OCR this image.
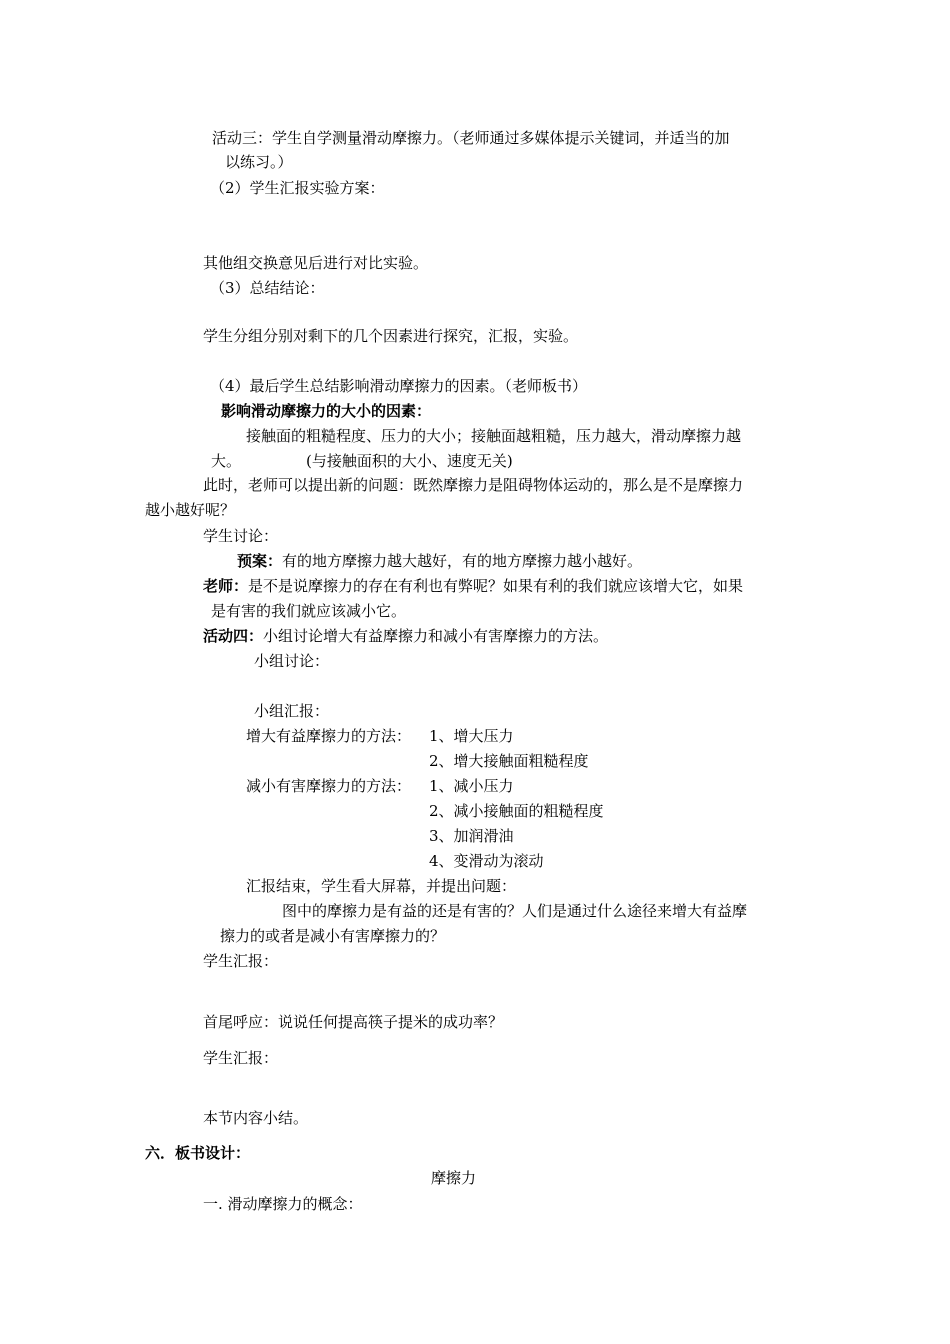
活动三：学生自学测量滑动摩擦力。（老师通过多媒体提示关键词，并适当的加
以练习。）
（2）学生汇报实验方案：
其他组交换意见后进行对比实验。
（3）总结结论：
学生分组分别对剩下的几个因素进行探究，汇报，实验。
（4）最后学生总结影响滑动摩擦力的因素。（老师板书）
影响滑动摩擦力的大小的因素：
接触面的粗糙程度、压力的大小；接触面越粗糙，压力越大，滑动摩擦力越
大。	(与接触面积的大小、速度无关)
此时，老师可以提出新的问题：既然摩擦力是阻碍物体运动的，那么是不是摩擦力
越小越好呢？
学生讨论：
预案：有的地方摩擦力越大越好，有的地方摩擦力越小越好。
老师：是不是说摩擦力的存在有利也有弊呢？如果有利的我们就应该增大它，如果
是有害的我们就应该减小它。
活动四：小组讨论增大有益摩擦力和减小有害摩擦力的方法。
小组讨论：
小组汇报：
增大有益摩擦力的方法： 1、增大压力
2、增大接触面粗糙程度
减小有害摩擦力的方法： 1、减小压力
2、减小接触面的粗糙程度
3、加润滑油
4、变滑动为滚动
汇报结束，学生看大屏幕，并提出问题：
图中的摩擦力是有益的还是有害的？人们是通过什么途径来增大有益摩
擦力的或者是减小有害摩擦力的？
学生汇报：
首尾呼应：说说任何提高筷子提米的成功率？
学生汇报：
本节内容小结。
六．板书设计：
摩擦力
一. 滑动摩擦力的概念：
